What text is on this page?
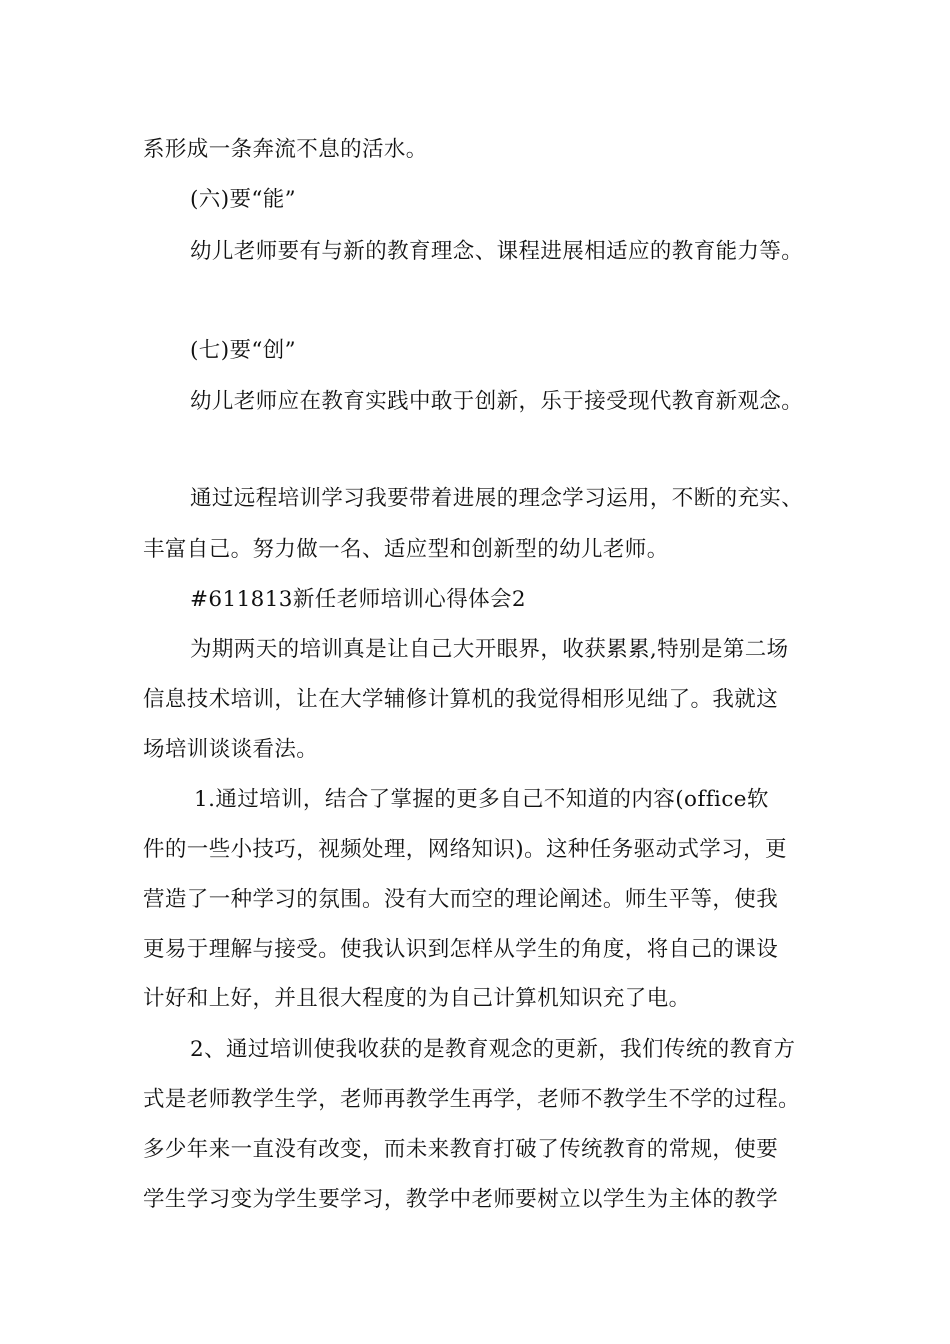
系形成一条奔流不息的活水。
(六)要“能”
幼儿老师要有与新的教育理念、课程进展相适应的教育能力等。
(七)要“创”
幼儿老师应在教育实践中敢于创新，乐于接受现代教育新观念。
通过远程培训学习我要带着进展的理念学习运用，不断的充实、
丰富自己。努力做一名、适应型和创新型的幼儿老师。
#611813新任老师培训心得体会2
为期两天的培训真是让自己大开眼界，收获累累,特别是第二场
信息技术培训，让在大学辅修计算机的我觉得相形见绌了。我就这
场培训谈谈看法。
1.通过培训，结合了掌握的更多自己不知道的内容(office软
件的一些小技巧，视频处理，网络知识)。这种任务驱动式学习，更
营造了一种学习的氛围。没有大而空的理论阐述。师生平等，使我
更易于理解与接受。使我认识到怎样从学生的角度，将自己的课设
计好和上好，并且很大程度的为自己计算机知识充了电。
2、通过培训使我收获的是教育观念的更新，我们传统的教育方
式是老师教学生学，老师再教学生再学，老师不教学生不学的过程。
多少年来一直没有改变，而未来教育打破了传统教育的常规，使要
学生学习变为学生要学习，教学中老师要树立以学生为主体的教学
